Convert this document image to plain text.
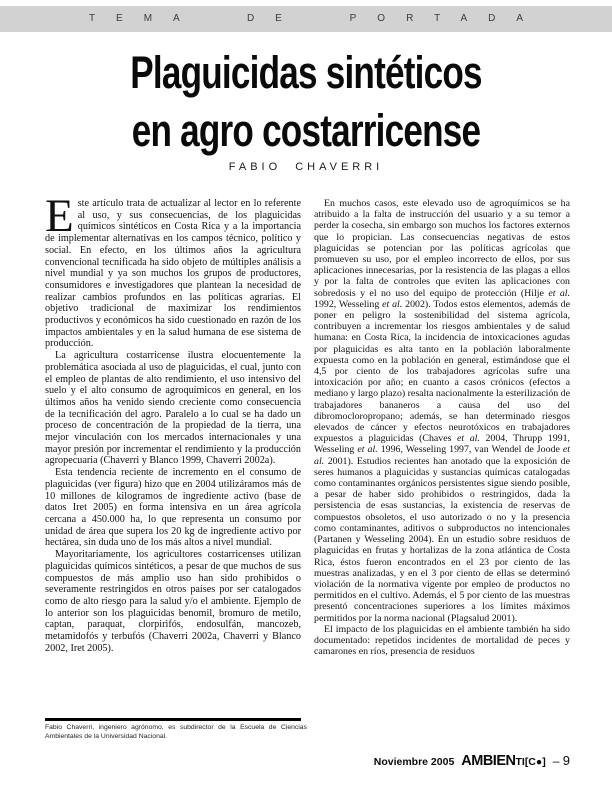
TEMA DE PORTADA
Plaguicidas sintéticos
en agro costarricense
FABIO CHAVERRI

Este artículo trata de actualizar al lector en lo referente al uso, y sus consecuencias, de los plaguicidas químicos sintéticos en Costa Rica y a la importancia de implementar alternativas en los campos técnico, político y social. En efecto, en los últimos años la agricultura convencional tecnificada ha sido objeto de múltiples análisis a nivel mundial y ya son muchos los grupos de productores, consumidores e investigadores que plantean la necesidad de realizar cambios profundos en las políticas agrarias. El objetivo tradicional de maximizar los rendimientos productivos y económicos ha sido cuestionado en razón de los impactos ambientales y en la salud humana de ese sistema de producción.

La agricultura costarricense ilustra elocuentemente la problemática asociada al uso de plaguicidas, el cual, junto con el empleo de plantas de alto rendimiento, el uso intensivo del suelo y el alto consumo de agroquímicos en general, en los últimos años ha venido siendo creciente como consecuencia de la tecnificación del agro. Paralelo a lo cual se ha dado un proceso de concentración de la propiedad de la tierra, una mejor vinculación con los mercados internacionales y una mayor presión por incrementar el rendimiento y la producción agropecuaria (Chaverri y Blanco 1999, Chaverri 2002a).

Esta tendencia reciente de incremento en el consumo de plaguicidas (ver figura) hizo que en 2004 utilizáramos más de 10 millones de kilogramos de ingrediente activo (base de datos Iret 2005) en forma intensiva en un área agrícola cercana a 450.000 ha, lo que representa un consumo por unidad de área que supera los 20 kg de ingrediente activo por hectárea, sin duda uno de los más altos a nivel mundial.

Mayoritariamente, los agricultores costarricenses utilizan plaguicidas químicos sintéticos, a pesar de que muchos de sus compuestos de más amplio uso han sido prohibidos o severamente restringidos en otros países por ser catalogados como de alto riesgo para la salud y/o el ambiente. Ejemplo de lo anterior son los plaguicidas benomil, bromuro de metilo, captan, paraquat, clorpirifós, endosulfán, mancozeb, metamidofós y terbufós (Chaverri 2002a, Chaverri y Blanco 2002, Iret 2005).

En muchos casos, este elevado uso de agroquímicos se ha atribuido a la falta de instrucción del usuario y a su temor a perder la cosecha, sin embargo son muchos los factores externos que lo propician. Las consecuencias negativas de estos plaguicidas se potencian por las políticas agrícolas que promueven su uso, por el empleo incorrecto de ellos, por sus aplicaciones innecesarias, por la resistencia de las plagas a ellos y por la falta de controles que eviten las aplicaciones con sobredosis y el no uso del equipo de protección (Hilje et al. 1992, Wesseling et al. 2002). Todos estos elementos, además de poner en peligro la sostenibilidad del sistema agrícola, contribuyen a incrementar los riesgos ambientales y de salud humana: en Costa Rica, la incidencia de intoxicaciones agudas por plaguicidas es alta tanto en la población laboralmente expuesta como en la población en general, estimándose que el 4,5 por ciento de los trabajadores agrícolas sufre una intoxicación por año; en cuanto a casos crónicos (efectos a mediano y largo plazo) resalta nacionalmente la esterilización de trabajadores bananeros a causa del uso del dibromocloropropano; además, se han determinado riesgos elevados de cáncer y efectos neurotóxicos en trabajadores expuestos a plaguicidas (Chaves et al. 2004, Thrupp 1991, Wesseling et al. 1996, Wesseling 1997, van Wendel de Joode et al. 2001). Estudios recientes han anotado que la exposición de seres humanos a plaguicidas y sustancias químicas catalogadas como contaminantes orgánicos persistentes sigue siendo posible, a pesar de haber sido prohibidos o restringidos, dada la persistencia de esas sustancias, la existencia de reservas de compuestos obsoletos, el uso autorizado o no y la presencia como contaminantes, aditivos o subproductos no intencionales (Partanen y Wesseling 2004). En un estudio sobre residuos de plaguicidas en frutas y hortalizas de la zona atlántica de Costa Rica, éstos fueron encontrados en el 23 por ciento de las muestras analizadas, y en el 3 por ciento de ellas se determinó violación de la normativa vigente por empleo de productos no permitidos en el cultivo. Además, el 5 por ciento de las muestras presentó concentraciones superiores a los límites máximos permitidos por la norma nacional (Plagsalud 2001).

El impacto de los plaguicidas en el ambiente también ha sido documentado: repetidos incidentes de mortalidad de peces y camarones en ríos, presencia de residuos

Fabio Chaverri, ingeniero agrónomo, es subdirector de la Escuela de Ciencias Ambientales de la Universidad Nacional.
Noviembre 2005 AMBIENTI[C●] – 9
